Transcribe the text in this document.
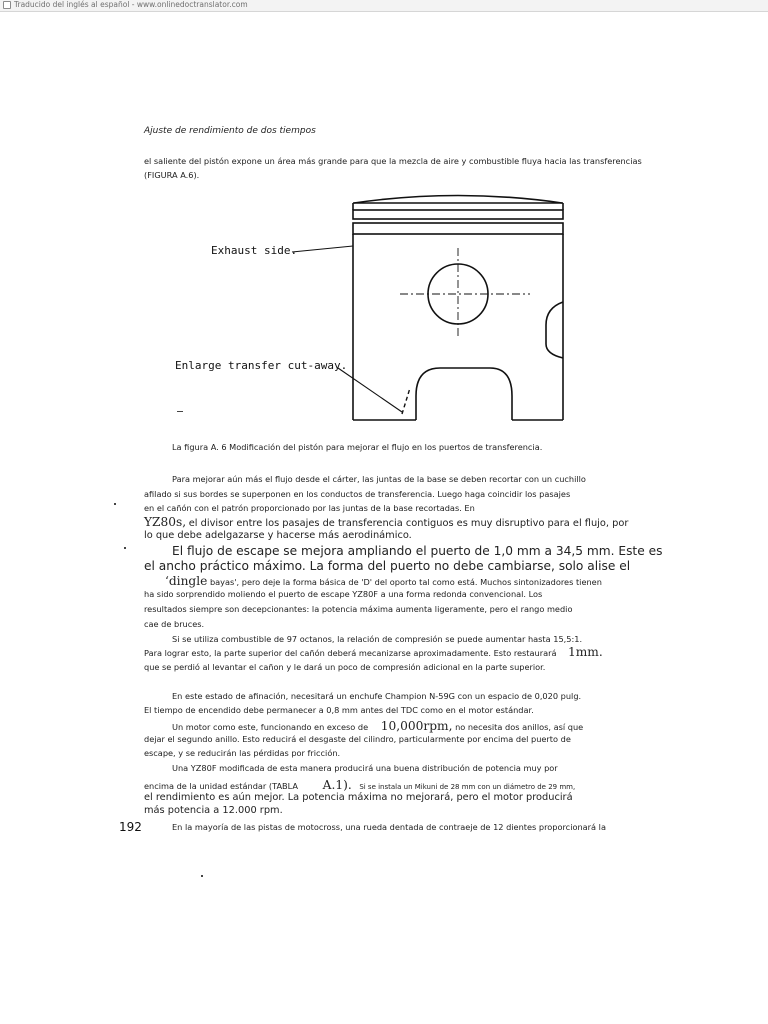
Traducido del inglés al español - www.onlinedoctranslator.com
Ajuste de rendimiento de dos tiempos
el saliente del pistón expone un área más grande para que la mezcla de aire y combustible fluya hacia las transferencias
(FIGURA A.6).
Exhaust side.
Enlarge transfer cut-away.
La figura A. 6 Modificación del pistón para mejorar el flujo en los puertos de transferencia.
Para mejorar aún más el flujo desde el cárter, las juntas de la base se deben recortar con un cuchillo
afilado si sus bordes se superponen en los conductos de transferencia. Luego haga coincidir los pasajes
en el cañón con el patrón proporcionado por las juntas de la base recortadas. En
YZ80s, el divisor entre los pasajes de transferencia contiguos es muy disruptivo para el flujo, por
lo que debe adelgazarse y hacerse más aerodinámico.
El flujo de escape se mejora ampliando el puerto de 1,0 mm a 34,5 mm. Este es
el ancho práctico máximo. La forma del puerto no debe cambiarse, solo alise el
‘dingle bayas', pero deje la forma básica de 'D' del oporto tal como está. Muchos sintonizadores tienen
ha sido sorprendido moliendo el puerto de escape YZ80F a una forma redonda convencional. Los
resultados siempre son decepcionantes: la potencia máxima aumenta ligeramente, pero el rango medio
cae de bruces.
Si se utiliza combustible de 97 octanos, la relación de compresión se puede aumentar hasta 15,5:1.
Para lograr esto, la parte superior del cañón deberá mecanizarse aproximadamente. Esto restaurará 1mm.
que se perdió al levantar el cañon y le dará un poco de compresión adicional en la parte superior.
En este estado de afinación, necesitará un enchufe Champion N-59G con un espacio de 0,020 pulg.
El tiempo de encendido debe permanecer a 0,8 mm antes del TDC como en el motor estándar.
Un motor como este, funcionando en exceso de 10,000rpm, no necesita dos anillos, así que
dejar el segundo anillo. Esto reducirá el desgaste del cilindro, particularmente por encima del puerto de
escape, y se reducirán las pérdidas por fricción.
Una YZ80F modificada de esta manera producirá una buena distribución de potencia muy por
encima de la unidad estándar (TABLA A.1). Si se instala un Mikuni de 28 mm con un diámetro de 29 mm,
el rendimiento es aún mejor. La potencia máxima no mejorará, pero el motor producirá
más potencia a 12.000 rpm.
192	En la mayoría de las pistas de motocross, una rueda dentada de contraeje de 12 dientes proporcionará la
